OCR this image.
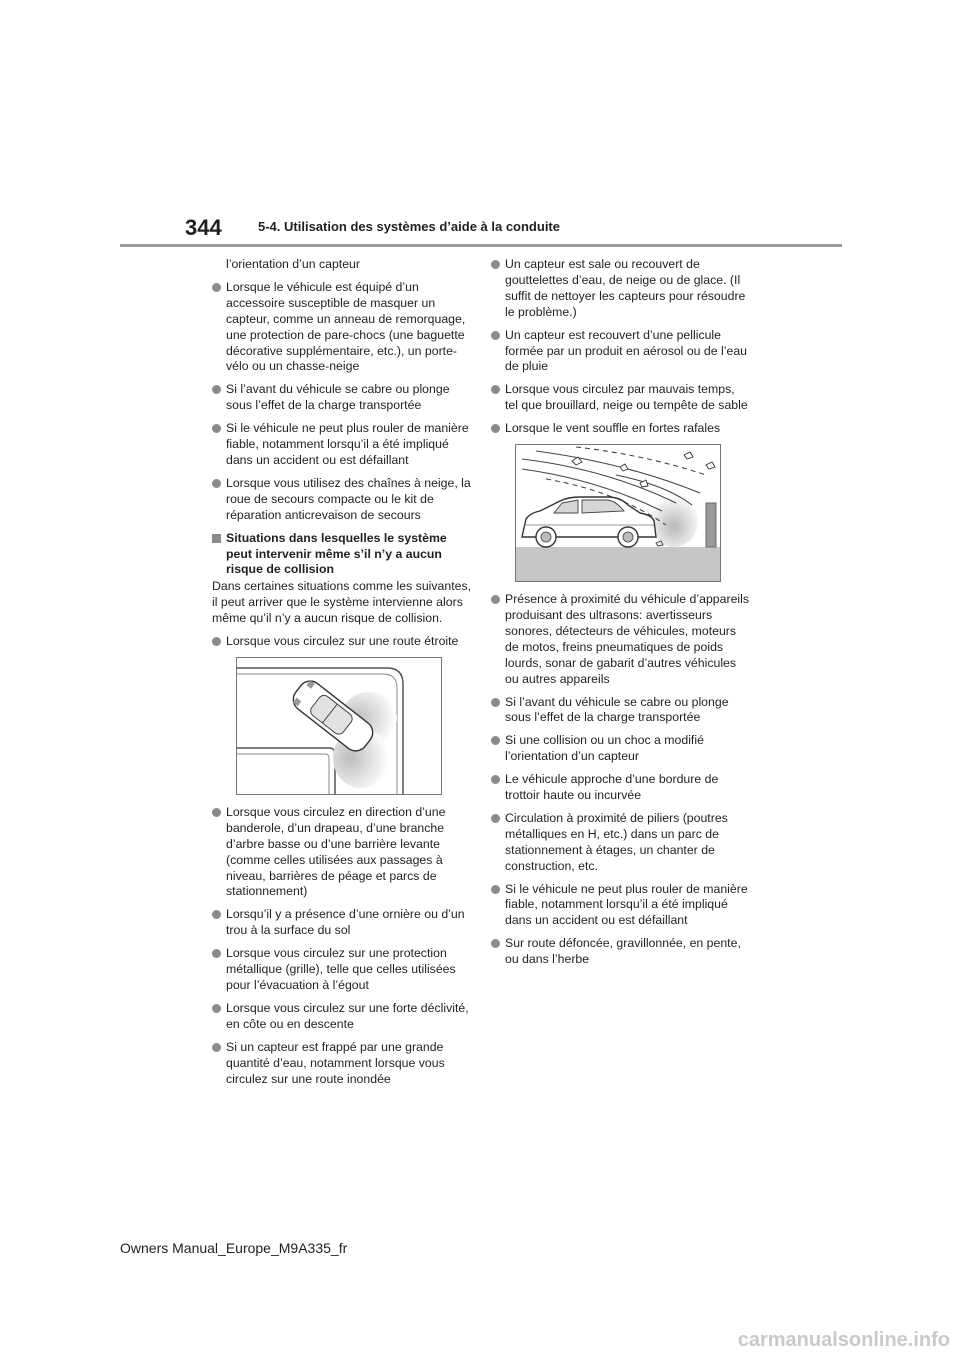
344	5-4. Utilisation des systèmes d’aide à la conduite
l’orientation d’un capteur
Lorsque le véhicule est équipé d’un accessoire susceptible de masquer un capteur, comme un anneau de remorquage, une protection de pare-chocs (une baguette décorative supplémentaire, etc.), un porte-vélo ou un chasse-neige
Si l’avant du véhicule se cabre ou plonge sous l’effet de la charge transportée
Si le véhicule ne peut plus rouler de manière fiable, notamment lorsqu’il a été impliqué dans un accident ou est défaillant
Lorsque vous utilisez des chaînes à neige, la roue de secours compacte ou le kit de réparation anticrevaison de secours
Situations dans lesquelles le système peut intervenir même s’il n’y a aucun risque de collision
Dans certaines situations comme les suivantes, il peut arriver que le système intervienne alors même qu’il n’y a aucun risque de collision.
Lorsque vous circulez sur une route étroite
Lorsque vous circulez en direction d’une banderole, d’un drapeau, d’une branche d’arbre basse ou d’une barrière levante (comme celles utilisées aux passages à niveau, barrières de péage et parcs de stationnement)
Lorsqu’il y a présence d’une ornière ou d’un trou à la surface du sol
Lorsque vous circulez sur une protection métallique (grille), telle que celles utilisées pour l’évacuation à l’égout
Lorsque vous circulez sur une forte déclivité, en côte ou en descente
Si un capteur est frappé par une grande quantité d’eau, notamment lorsque vous circulez sur une route inondée
Un capteur est sale ou recouvert de gouttelettes d’eau, de neige ou de glace. (Il suffit de nettoyer les capteurs pour résoudre le problème.)
Un capteur est recouvert d’une pellicule formée par un produit en aérosol ou de l’eau de pluie
Lorsque vous circulez par mauvais temps, tel que brouillard, neige ou tempête de sable
Lorsque le vent souffle en fortes rafales
Présence à proximité du véhicule d’appareils produisant des ultrasons: avertisseurs sonores, détecteurs de véhicules, moteurs de motos, freins pneumatiques de poids lourds, sonar de gabarit d’autres véhicules ou autres appareils
Si l’avant du véhicule se cabre ou plonge sous l’effet de la charge transportée
Si une collision ou un choc a modifié l’orientation d’un capteur
Le véhicule approche d’une bordure de trottoir haute ou incurvée
Circulation à proximité de piliers (poutres métalliques en H, etc.) dans un parc de stationnement à étages, un chanter de construction, etc.
Si le véhicule ne peut plus rouler de manière fiable, notamment lorsqu’il a été impliqué dans un accident ou est défaillant
Sur route défoncée, gravillonnée, en pente, ou dans l’herbe
Owners Manual_Europe_M9A335_fr
carmanualsonline.info
